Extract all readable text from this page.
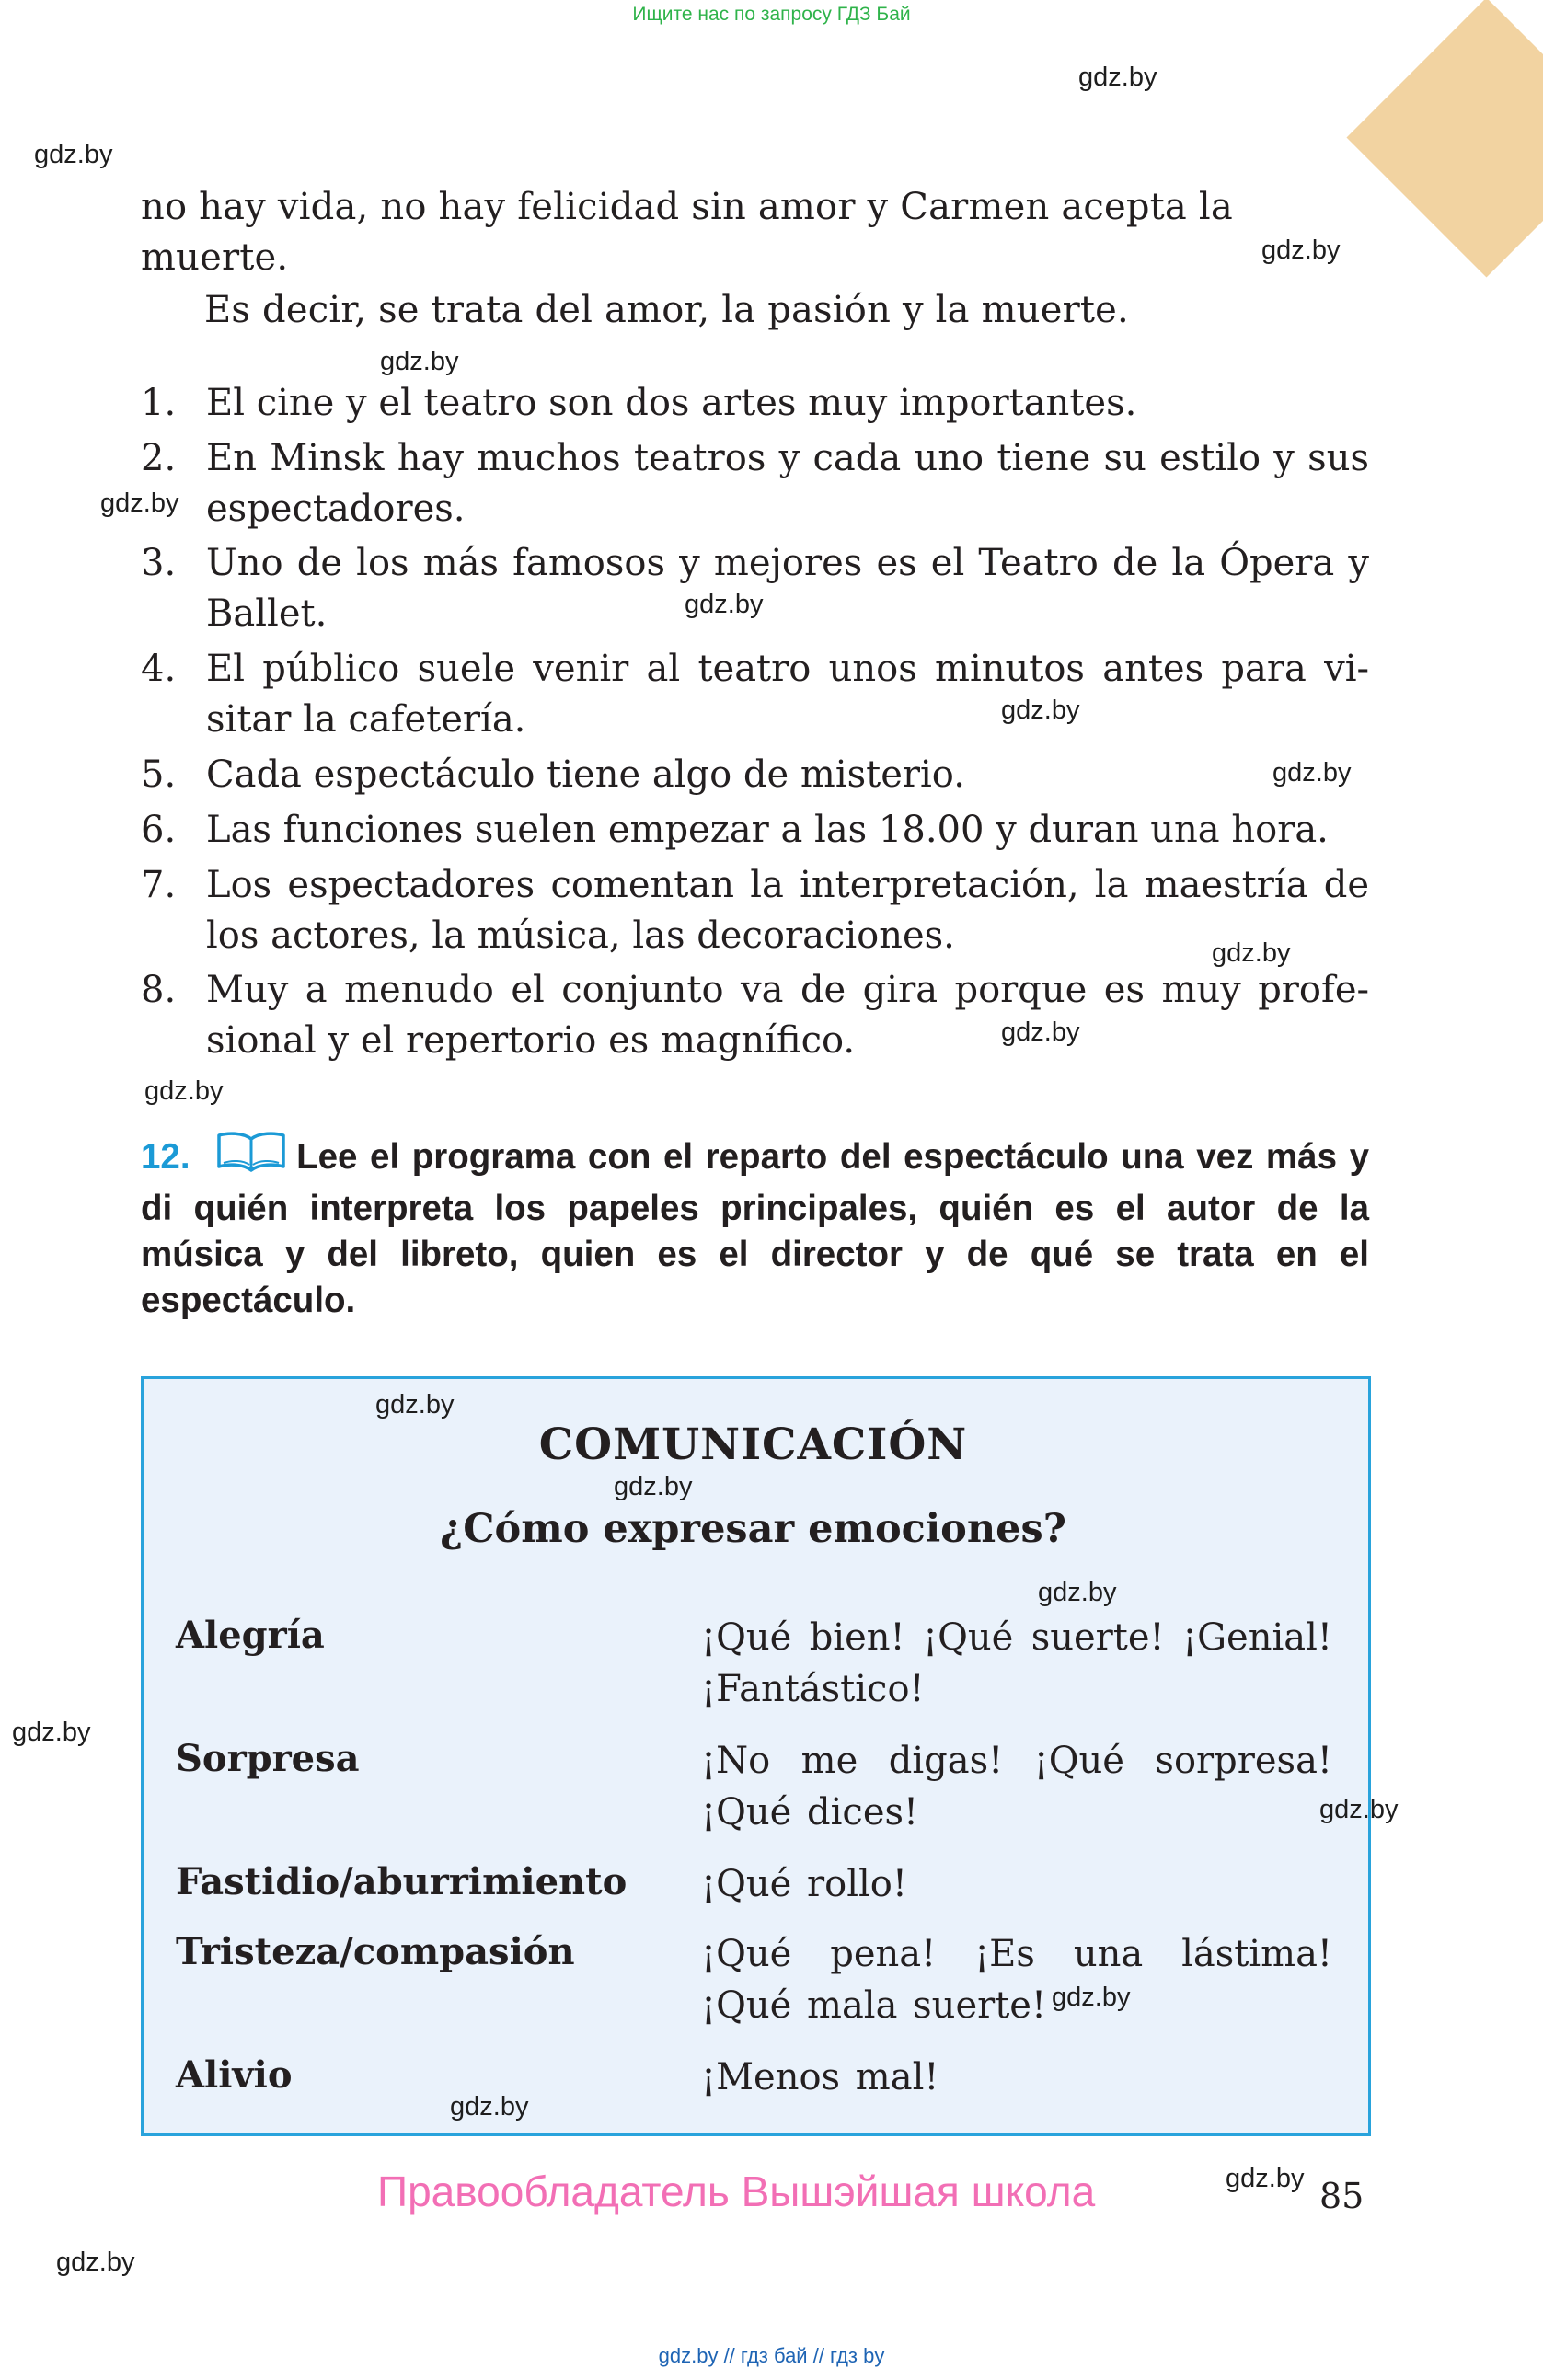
Ищите нас по запросу ГДЗ Бай
no hay vida, no hay felicidad sin amor y Carmen acepta la
muerte.
Es decir, se trata del amor, la pasión y la muerte.
1. El cine y el teatro son dos artes muy importantes.
2. En Minsk hay muchos teatros y cada uno tiene su estilo y sus espectadores.
3. Uno de los más famosos y mejores es el Teatro de la Ópera y Ballet.
4. El público suele venir al teatro unos minutos antes para vi-sitar la cafetería.
5. Cada espectáculo tiene algo de misterio.
6. Las funciones suelen empezar a las 18.00 y duran una hora.
7. Los espectadores comentan la interpretación, la maestría de los actores, la música, las decoraciones.
8. Muy a menudo el conjunto va de gira porque es muy profe-sional y el repertorio es magnífico.
12.	Lee el programa con el reparto del espectáculo una vez más y di quién interpreta los papeles principales, quién es el autor de la música y del libreto, quien es el director y de qué se trata en el espectáculo.
COMUNICACIÓN
¿Cómo expresar emociones?
Alegría	¡Qué bien! ¡Qué suerte! ¡Genial! ¡Fantástico!
Sorpresa	¡No me digas! ¡Qué sorpresa! ¡Qué dices!
Fastidio/aburrimiento ¡Qué rollo!
Tristeza/compasión	¡Qué pena! ¡Es una lástima! ¡Qué mala suerte!
Alivio	¡Menos mal!
Правообладатель Вышэйшая школа	85
gdz.by
gdz.by
gdz.by
gdz.by
gdz.by
gdz.by
gdz.by
gdz.by
gdz.by
gdz.by
gdz.by
gdz.by
gdz.by
gdz.by
gdz.by
gdz.by
gdz.by
gdz.by
gdz.by
gdz.by
gdz.by // гдз бай // гдз by
